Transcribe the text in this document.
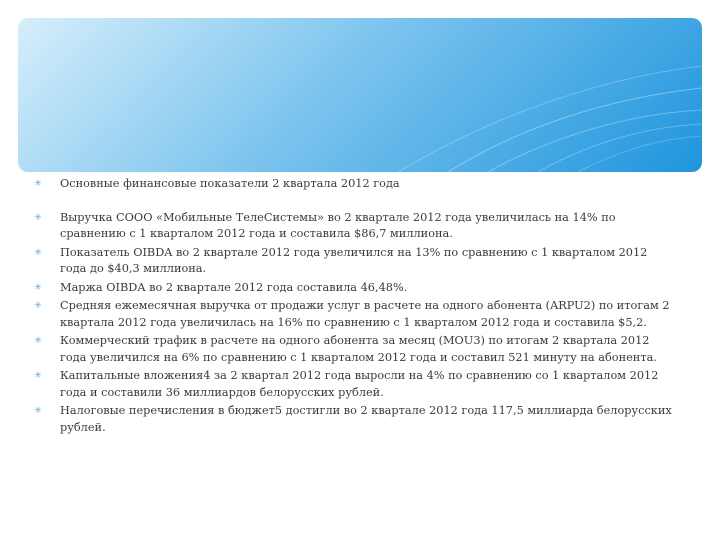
✳ Основные финансовые показатели 2 квартала 2012 года
✳ Выручка СООО «Мобильные ТелеСистемы» во 2 квартале 2012 года увеличилась на 14% по сравнению с 1 кварталом 2012 года и составила $86,7 миллиона.
✳ Показатель OIBDA во 2 квартале 2012 года увеличился на 13% по сравнению с 1 кварталом 2012 года до $40,3 миллиона.
✳ Маржа OIBDA во 2 квартале 2012 года составила 46,48%.
✳ Средняя ежемесячная выручка от продажи услуг в расчете на одного абонента (ARPU2) по итогам 2 квартала 2012 года увеличилась на 16% по сравнению с 1 кварталом 2012 года и составила $5,2.
✳ Коммерческий трафик в расчете на одного абонента за месяц (MOU3) по итогам 2 квартала 2012 года увеличился на 6% по сравнению с 1 кварталом 2012 года и составил 521 минуту на абонента.
✳ Капитальные вложения4 за 2 квартал 2012 года выросли на 4% по сравнению со 1 кварталом 2012 года и составили 36 миллиардов белорусских рублей.
✳ Налоговые перечисления в бюджет5 достигли во 2 квартале 2012 года 117,5 миллиарда белорусских рублей.
